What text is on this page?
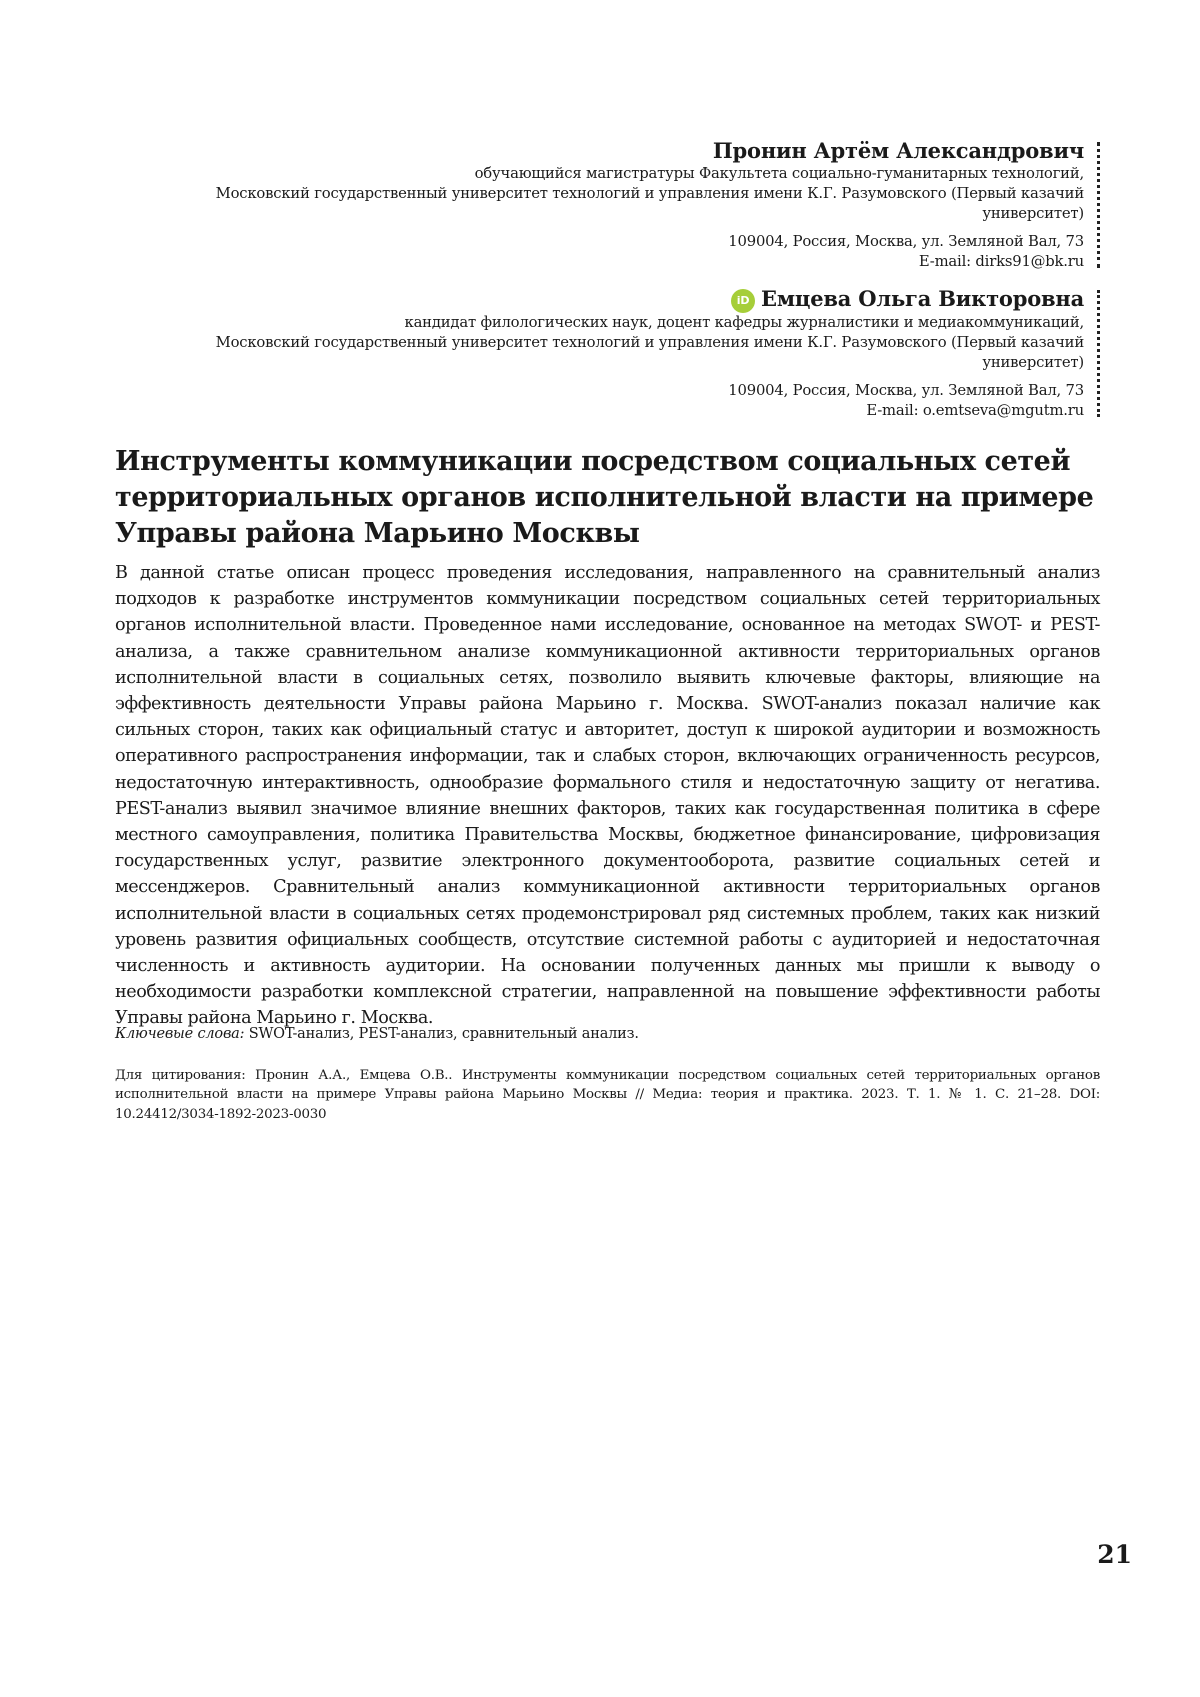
Пронин Артём Александрович
обучающийся магистратуры Факультета социально-гуманитарных технологий,
Московский государственный университет технологий и управления имени К.Г. Разумовского (Первый казачий университет)
109004, Россия, Москва, ул. Земляной Вал, 73
E-mail: dirks91@bk.ru
iD Емцева Ольга Викторовна
кандидат филологических наук, доцент кафедры журналистики и медиакоммуникаций,
Московский государственный университет технологий и управления имени К.Г. Разумовского (Первый казачий университет)
109004, Россия, Москва, ул. Земляной Вал, 73
E-mail: o.emtseva@mgutm.ru
Инструменты коммуникации посредством социальных сетей территориальных органов исполнительной власти на примере Управы района Марьино Москвы

В данной статье описан процесс проведения исследования, направленного на сравнительный анализ подходов к разработке инструментов коммуникации посредством социальных сетей территориальных органов исполнительной власти. Проведенное нами исследование, основанное на методах SWOT- и PEST-анализа, а также сравнительном анализе коммуникационной активности территориальных органов исполнительной власти в социальных сетях, позволило выявить ключевые факторы, влияющие на эффективность деятельности Управы района Марьино г. Москва. SWOT-анализ показал наличие как сильных сторон, таких как официальный статус и авторитет, доступ к широкой аудитории и возможность оперативного распространения информации, так и слабых сторон, включающих ограниченность ресурсов, недостаточную интерактивность, однообразие формального стиля и недостаточную защиту от негатива. PEST-анализ выявил значимое влияние внешних факторов, таких как государственная политика в сфере местного самоуправления, политика Правительства Москвы, бюджетное финансирование, цифровизация государственных услуг, развитие электронного документооборота, развитие социальных сетей и мессенджеров. Сравнительный анализ коммуникационной активности территориальных органов исполнительной власти в социальных сетях продемонстрировал ряд системных проблем, таких как низкий уровень развития официальных сообществ, отсутствие системной работы с аудиторией и недостаточная численность и активность аудитории. На основании полученных данных мы пришли к выводу о необходимости разработки комплексной стратегии, направленной на повышение эффективности работы Управы района Марьино г. Москва.

Ключевые слова: SWOT-анализ, PEST-анализ, сравнительный анализ.

Для цитирования: Пронин А.А., Емцева О.В.. Инструменты коммуникации посредством социальных сетей территориальных органов исполнительной власти на примере Управы района Марьино Москвы // Медиа: теория и практика. 2023. Т. 1. № 1. С. 21–28. DOI: 10.24412/3034-1892-2023-0030

21
